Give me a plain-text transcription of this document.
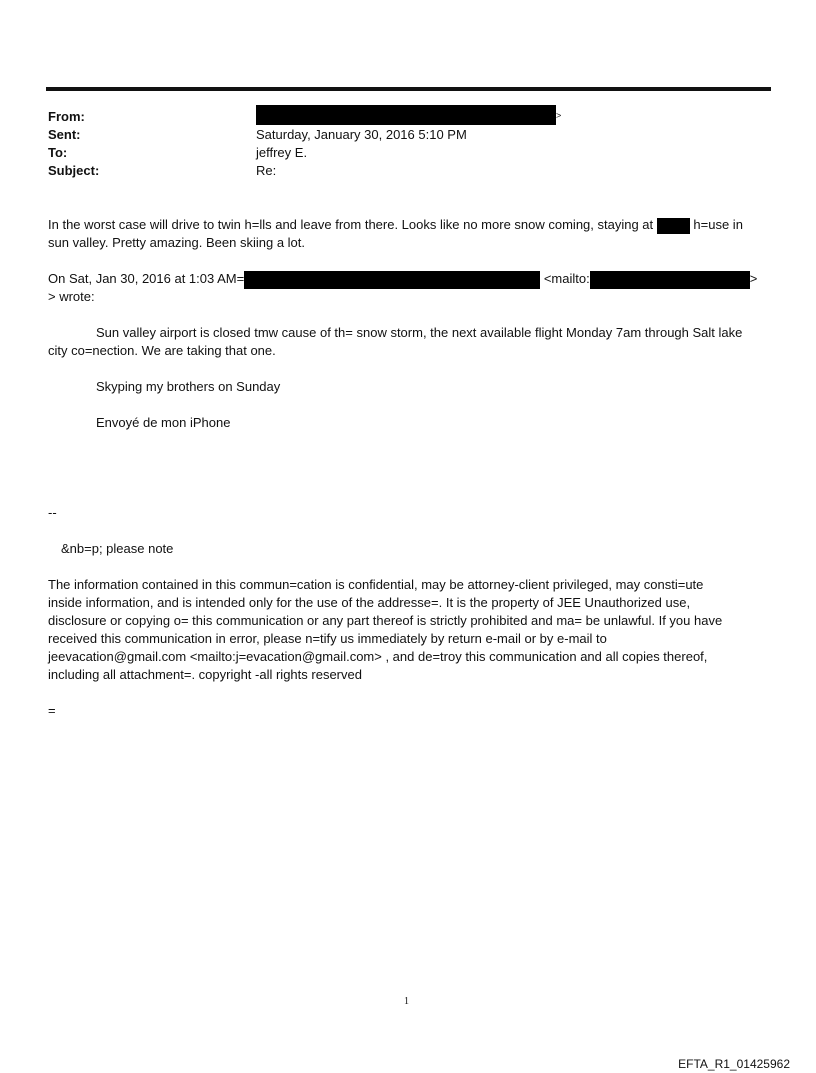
From:	>
Sent:	Saturday, January 30, 2016 5:10 PM
To:	jeffrey E.
Subject:	Re:
In the worst case will drive to twin h=lls and leave from there. Looks like no more snow coming, staying at	h=use in
sun valley. Pretty amazing. Been skiing a lot.
On Sat, Jan 30, 2016 at 1:03 AM=	<mailto:	>
> wrote:
Sun valley airport is closed tmw cause of th= snow storm, the next available flight Monday 7am through Salt lake
city co=nection. We are taking that one.
Skyping my brothers on Sunday
Envoyé de mon iPhone
--
&nb=p; please note
The information contained in this commun=cation is confidential, may be attorney-client privileged, may consti=ute
inside information, and is intended only for the use of the addresse=. It is the property of JEE Unauthorized use,
disclosure or copying o= this communication or any part thereof is strictly prohibited and ma= be unlawful. If you have
received this communication in error, please n=tify us immediately by return e-mail or by e-mail to
jeevacation@gmail.com <mailto:j=evacation@gmail.com> , and de=troy this communication and all copies thereof,
including all attachment=. copyright -all rights reserved
=
1
EFTA_R1_01425962
